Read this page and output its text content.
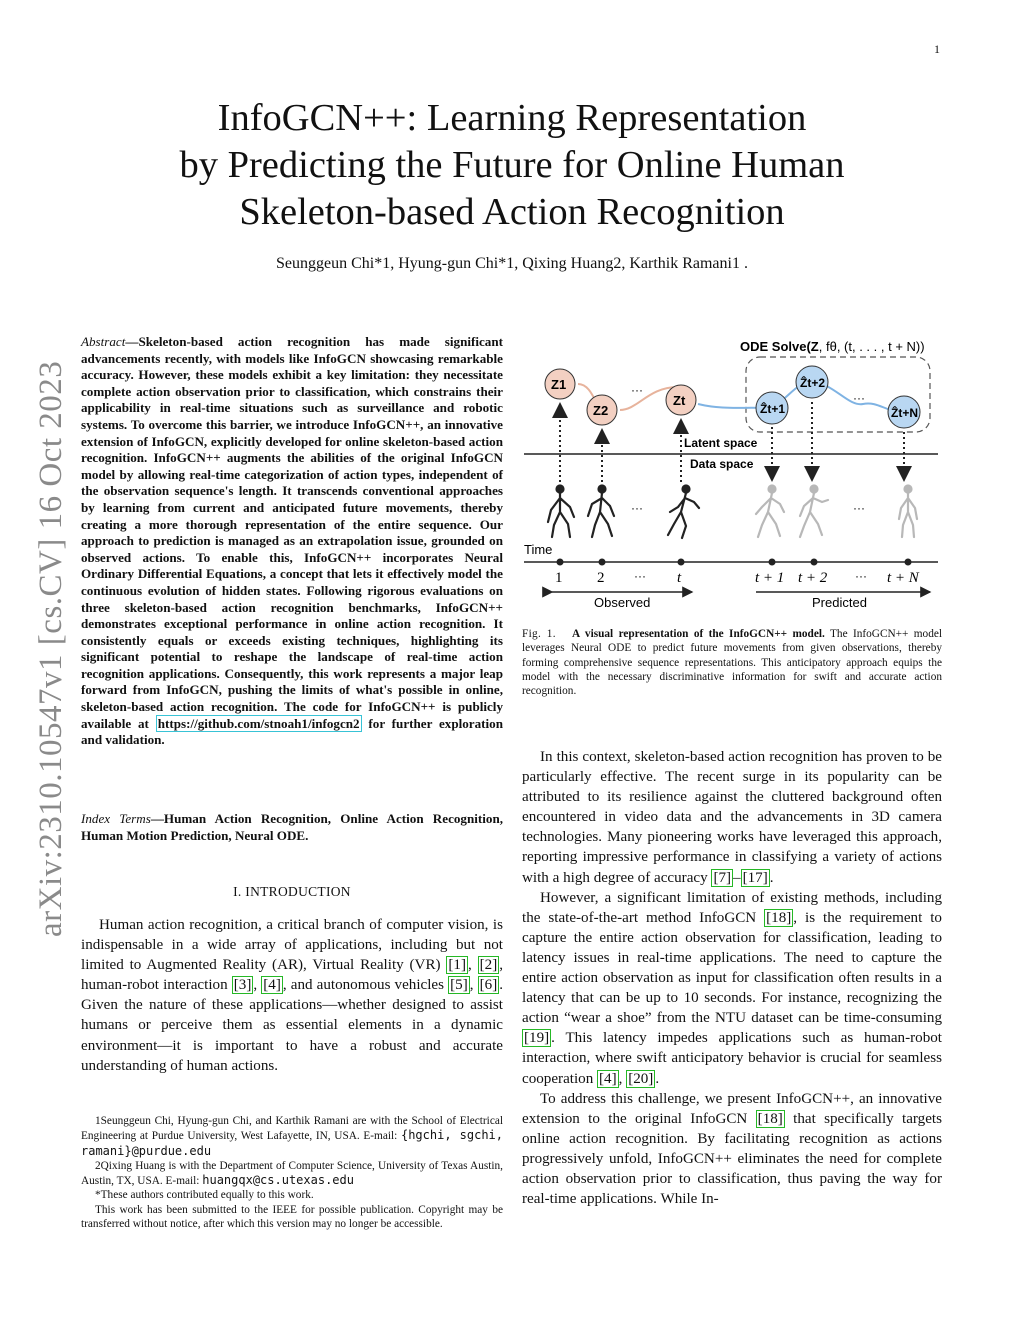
1
arXiv:2310.10547v1 [cs.CV] 16 Oct 2023
InfoGCN++: Learning Representation
by Predicting the Future for Online Human
Skeleton-based Action Recognition
Seunggeun Chi*1, Hyung-gun Chi*1, Qixing Huang2, Karthik Ramani1 .
Abstract—Skeleton-based action recognition has made significant advancements recently, with models like InfoGCN showcasing remarkable accuracy. However, these models exhibit a key limitation: they necessitate complete action observation prior to classification, which constrains their applicability in real-time situations such as surveillance and robotic systems. To overcome this barrier, we introduce InfoGCN++, an innovative extension of InfoGCN, explicitly developed for online skeleton-based action recognition. InfoGCN++ augments the abilities of the original InfoGCN model by allowing real-time categorization of action types, independent of the observation sequence's length. It transcends conventional approaches by learning from current and anticipated future movements, thereby creating a more thorough representation of the entire sequence. Our approach to prediction is managed as an extrapolation issue, grounded on observed actions. To enable this, InfoGCN++ incorporates Neural Ordinary Differential Equations, a concept that lets it effectively model the continuous evolution of hidden states. Following rigorous evaluations on three skeleton-based action recognition benchmarks, InfoGCN++ demonstrates exceptional performance in online action recognition. It consistently equals or exceeds existing techniques, highlighting its significant potential to reshape the landscape of real-time action recognition applications. Consequently, this work represents a major leap forward from InfoGCN, pushing the limits of what's possible in online, skeleton-based action recognition. The code for InfoGCN++ is publicly available at https://github.com/stnoah1/infogcn2 for further exploration and validation.
Index Terms—Human Action Recognition, Online Action Recognition, Human Motion Prediction, Neural ODE.
I. INTRODUCTION

Human action recognition, a critical branch of computer vision, is indispensable in a wide array of applications, including but not limited to Augmented Reality (AR), Virtual Reality (VR) [1] , [2] , human-robot interaction [3] , [4] , and autonomous vehicles [5] , [6] . Given the nature of these applications—whether designed to assist humans or perceive them as essential elements in a dynamic environment—it is important to have a robust and accurate understanding of human actions.

1Seunggeun Chi, Hyung-gun Chi, and Karthik Ramani are with the School of Electrical Engineering at Purdue University, West Lafayette, IN, USA. E-mail: {hgchi, sgchi, ramani}@purdue.edu

2Qixing Huang is with the Department of Computer Science, University of Texas Austin, Austin, TX, USA. E-mail: huangqx@cs.utexas.edu

*These authors contributed equally to this work.

This work has been submitted to the IEEE for possible publication. Copyright may be transferred without notice, after which this version may no longer be accessible.

ODE Solve(Z, fθ, (t, . . . , t + N))
Z1
Z2
Zt
···
Ẑt+1
Ẑt+2
Ẑt+N
···
Latent space
Data space
···	···
Time
1 2 ··· t	t + 1 t + 2 ··· t + N
Observed	Predicted
Fig. 1. A visual representation of the InfoGCN++ model. The InfoGCN++ model leverages Neural ODE to predict future movements from given observations, thereby forming comprehensive sequence representations. This anticipatory approach equips the model with the necessary discriminative information for swift and accurate action recognition.

In this context, skeleton-based action recognition has proven to be particularly effective. The recent surge in its popularity can be attributed to its resilience against the cluttered background often encountered in video data and the advancements in 3D camera technologies. Many pioneering works have leveraged this approach, reporting impressive performance in classifying a variety of actions with a high degree of accuracy [7] – [17] .

However, a significant limitation of existing methods, including the state-of-the-art method InfoGCN [18] , is the requirement to capture the entire action observation for classification, leading to latency issues in real-time applications. The need to capture the entire action observation as input for classification often results in a latency that can be up to 10 seconds. For instance, recognizing the action “wear a shoe” from the NTU dataset can be time-consuming [19] . This latency impedes applications such as human-robot interaction, where swift anticipatory behavior is crucial for seamless cooperation [4] , [20] .

To address this challenge, we present InfoGCN++, an innovative extension to the original InfoGCN [18] that specifically targets online action recognition. By facilitating recognition as actions progressively unfold, InfoGCN++ eliminates the need for complete action observation prior to classification, thus paving the way for real-time applications. While In-
